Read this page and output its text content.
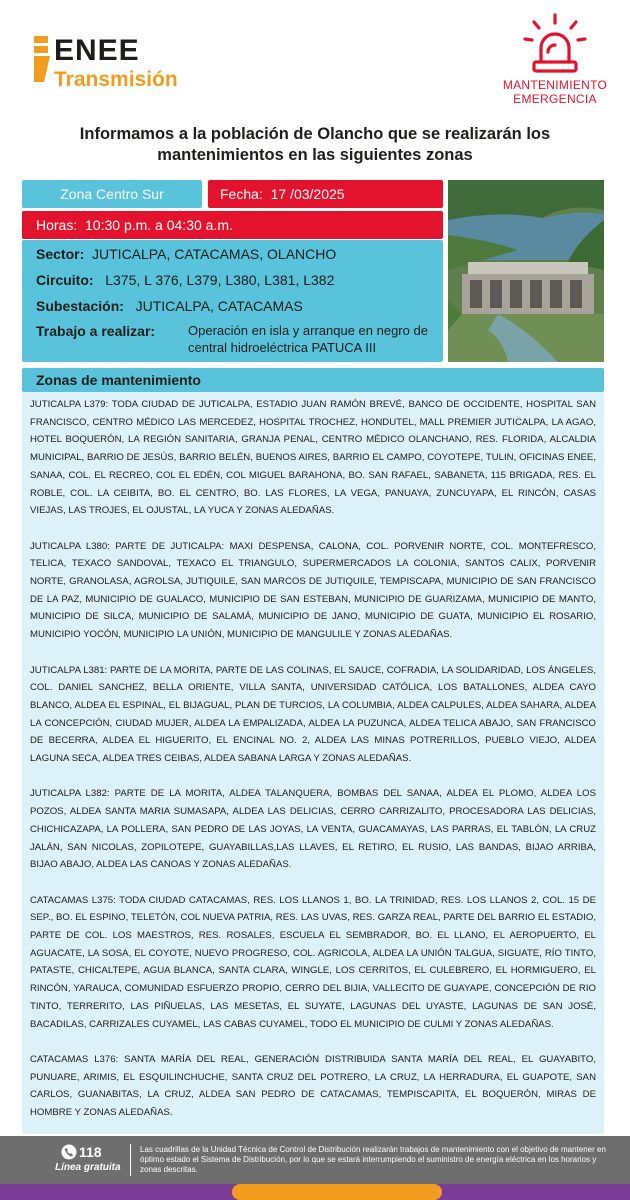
ENEE
Transmisión	MANTENIMIENTO
EMERGENCIA
Informamos a la población de Olancho que se realizarán los mantenimientos en las siguientes zonas
Zona Centro Sur	Fecha: 17 /03/2025
Horas: 10:30 p.m. a 04:30 a.m.
Sector: JUTICALPA, CATACAMAS, OLANCHO
Circuito: L375, L 376, L379, L380, L381, L382
Subestación: JUTICALPA, CATACAMAS
Trabajo a realizar:	Operación en isla y arranque en negro de central hidroeléctrica PATUCA III
Zonas de mantenimiento

JUTICALPA L379: TODA CIUDAD DE JUTICALPA, ESTADIO JUAN RAMÓN BREVÉ, BANCO DE OCCIDENTE, HOSPITAL SAN FRANCISCO, CENTRO MÉDICO LAS MERCEDEZ, HOSPITAL TROCHEZ, HONDUTEL, MALL PREMIER JUTICALPA, LA AGAO, HOTEL BOQUERÓN, LA REGIÓN SANITARIA, GRANJA PENAL, CENTRO MÉDICO OLANCHANO, RES. FLORIDA, ALCALDIA MUNICIPAL, BARRIO DE JESÚS, BARRIO BELÉN, BUENOS AIRES, BARRIO EL CAMPO, COYOTEPE, TULIN, OFICINAS ENEE, SANAA, COL. EL RECREO, COL EL EDÉN, COL MIGUEL BARAHONA, BO. SAN RAFAEL, SABANETA, 115 BRIGADA, RES. EL ROBLE, COL. LA CEIBITA, BO. EL CENTRO, BO. LAS FLORES, LA VEGA, PANUAYA, ZUNCUYAPA, EL RINCÓN, CASAS VIEJAS, LAS TROJES, EL OJUSTAL, LA YUCA Y ZONAS ALEDAÑAS.

JUTICALPA L380: PARTE DE JUTICALPA: MAXI DESPENSA, CALONA, COL. PORVENIR NORTE, COL. MONTEFRESCO, TELICA, TEXACO SANDOVAL, TEXACO EL TRIANGULO, SUPERMERCADOS LA COLONIA, SANTOS CALIX, PORVENIR NORTE, GRANOLASA, AGROLSA, JUTIQUILE, SAN MARCOS DE JUTIQUILE, TEMPISCAPA, MUNICIPIO DE SAN FRANCISCO DE LA PAZ, MUNICIPIO DE GUALACO, MUNICIPIO DE SAN ESTEBAN, MUNICIPIO DE GUARIZAMA, MUNICIPIO DE MANTO, MUNICIPIO DE SILCA, MUNICIPIO DE SALAMÁ, MUNICIPIO DE JANO, MUNICIPIO DE GUATA, MUNICIPIO EL ROSARIO, MUNICIPIO YOCÓN, MUNICIPIO LA UNIÓN, MUNICIPIO DE MANGULILE Y ZONAS ALEDAÑAS.

JUTICALPA L381: PARTE DE LA MORITA, PARTE DE LAS COLINAS, EL SAUCE, COFRADIA, LA SOLIDARIDAD, LOS ÁNGELES, COL. DANIEL SANCHEZ, BELLA ORIENTE, VILLA SANTA, UNIVERSIDAD CATÓLICA, LOS BATALLONES, ALDEA CAYO BLANCO, ALDEA EL ESPINAL, EL BIJAGUAL, PLAN DE TURCIOS, LA COLUMBIA, ALDEA CALPULES, ALDEA SAHARA, ALDEA LA CONCEPCIÓN, CIUDAD MUJER, ALDEA LA EMPALIZADA, ALDEA LA PUZUNCA, ALDEA TELICA ABAJO, SAN FRANCISCO DE BECERRA, ALDEA EL HIGUERITO, EL ENCINAL NO. 2, ALDEA LAS MINAS POTRERILLOS, PUEBLO VIEJO, ALDEA LAGUNA SECA, ALDEA TRES CEIBAS, ALDEA SABANA LARGA Y ZONAS ALEDAÑAS.

JUTICALPA L382: PARTE DE LA MORITA, ALDEA TALANQUERA, BOMBAS DEL SANAA, ALDEA EL PLOMO, ALDEA LOS POZOS, ALDEA SANTA MARIA SUMASAPA, ALDEA LAS DELICIAS, CERRO CARRIZALITO, PROCESADORA LAS DELICIAS, CHICHICAZAPA, LA POLLERA, SAN PEDRO DE LAS JOYAS, LA VENTA, GUACAMAYAS, LAS PARRAS, EL TABLÓN, LA CRUZ JALÁN, SAN NICOLAS, ZOPILOTEPE, GUAYABILLAS,LAS LLAVES, EL RETIRO, EL RUSIO, LAS BANDAS, BIJAO ARRIBA, BIJAO ABAJO, ALDEA LAS CANOAS Y ZONAS ALEDAÑAS.

CATACAMAS L375: TODA CIUDAD CATACAMAS, RES. LOS LLANOS 1, BO. LA TRINIDAD, RES. LOS LLANOS 2, COL. 15 DE SEP., BO. EL ESPINO, TELETÓN, COL NUEVA PATRIA, RES. LAS UVAS, RES. GARZA REAL, PARTE DEL BARRIO EL ESTADIO, PARTE DE COL. LOS MAESTROS, RES. ROSALES, ESCUELA EL SEMBRADOR, BO. EL LLANO, EL AEROPUERTO, EL AGUACATE, LA SOSA, EL COYOTE, NUEVO PROGRESO, COL. AGRICOLA, ALDEA LA UNIÓN TALGUA, SIGUATE, RÍO TINTO, PATASTE, CHICALTEPE, AGUA BLANCA, SANTA CLARA, WINGLE, LOS CERRITOS, EL CULEBRERO, EL HORMIGUERO, EL RINCÓN, YARAUCA, COMUNIDAD ESFUERZO PROPIO, CERRO DEL BIJIA, VALLECITO DE GUAYAPE, CONCEPCIÓN DE RIO TINTO, TERRERITO, LAS PIÑUELAS, LAS MESETAS, EL SUYATE, LAGUNAS DEL UYASTE, LAGUNAS DE SAN JOSÉ, BACADILAS, CARRIZALES CUYAMEL, LAS CABAS CUYAMEL, TODO EL MUNICIPIO DE CULMI Y ZONAS ALEDAÑAS.

CATACAMAS L376: SANTA MARÍA DEL REAL, GENERACIÓN DISTRIBUIDA SANTA MARÍA DEL REAL, EL GUAYABITO, PUNUARE, ARIMIS, EL ESQUILINCHUCHE, SANTA CRUZ DEL POTRERO, LA CRUZ, LA HERRADURA, EL GUAPOTE, SAN CARLOS, GUANABITAS, LA CRUZ, ALDEA SAN PEDRO DE CATACAMAS, TEMPISCAPITA, EL BOQUERÓN, MIRAS DE HOMBRE Y ZONAS ALEDAÑAS.

118
Línea gratuita
Las cuadrillas de la Unidad Técnica de Control de Distribución realizarán trabajos de mantenimiento con el objetivo de mantener en óptimo estado el Sistema de Distribución, por lo que se estará interrumpiendo el suministro de energía eléctrica en los horarios y zonas descritas.
